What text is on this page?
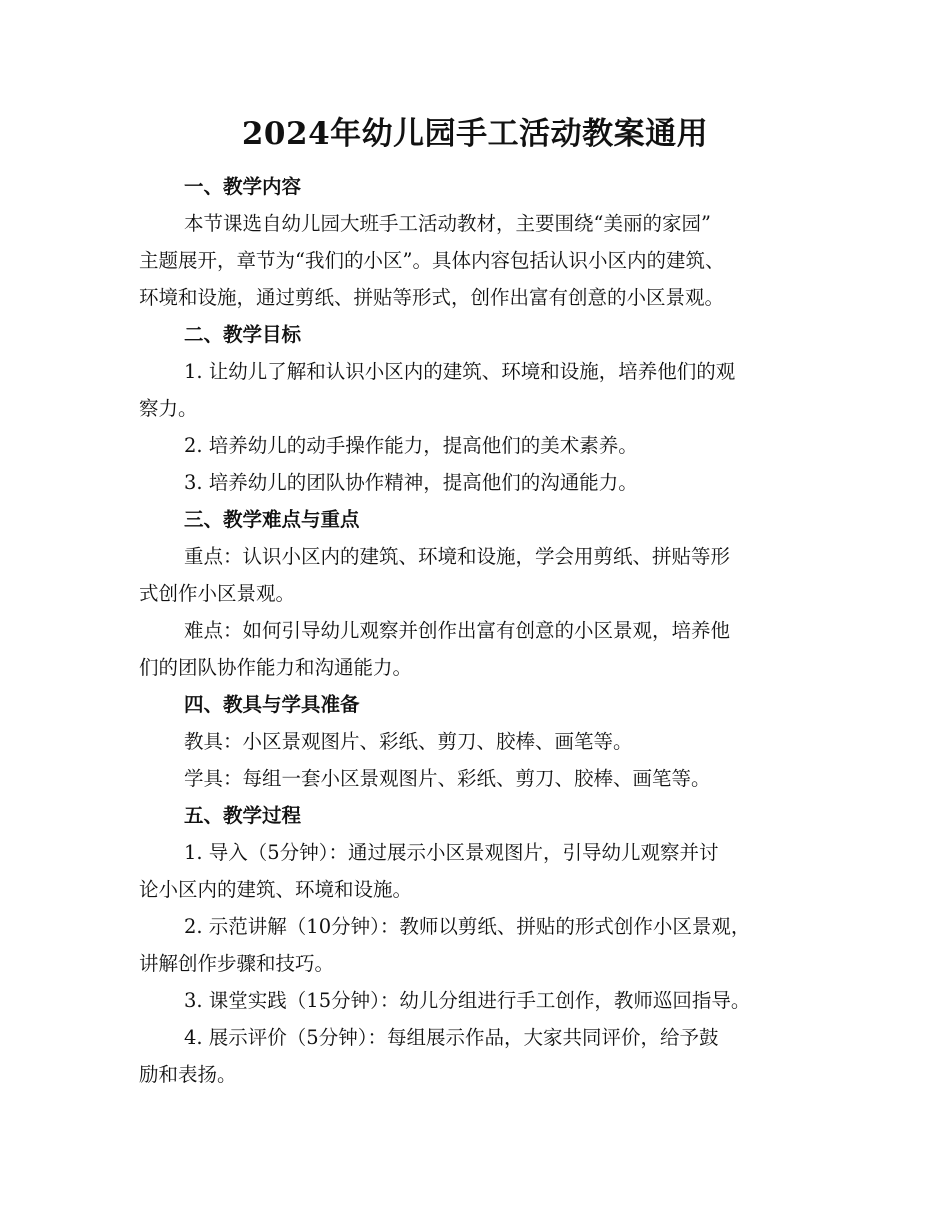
2024年幼儿园手工活动教案通用

一、教学内容

本节课选自幼儿园大班手工活动教材，主要围绕“美丽的家园”

主题展开，章节为“我们的小区”。具体内容包括认识小区内的建筑、

环境和设施，通过剪纸、拼贴等形式，创作出富有创意的小区景观。

二、教学目标

1. 让幼儿了解和认识小区内的建筑、环境和设施，培养他们的观

察力。

2. 培养幼儿的动手操作能力，提高他们的美术素养。

3. 培养幼儿的团队协作精神，提高他们的沟通能力。

三、教学难点与重点

重点：认识小区内的建筑、环境和设施，学会用剪纸、拼贴等形

式创作小区景观。

难点：如何引导幼儿观察并创作出富有创意的小区景观，培养他

们的团队协作能力和沟通能力。

四、教具与学具准备

教具：小区景观图片、彩纸、剪刀、胶棒、画笔等。

学具：每组一套小区景观图片、彩纸、剪刀、胶棒、画笔等。

五、教学过程

1. 导入（5分钟）：通过展示小区景观图片，引导幼儿观察并讨

论小区内的建筑、环境和设施。

2. 示范讲解（10分钟）：教师以剪纸、拼贴的形式创作小区景观，

讲解创作步骤和技巧。

3. 课堂实践（15分钟）：幼儿分组进行手工创作，教师巡回指导。

4. 展示评价（5分钟）：每组展示作品，大家共同评价，给予鼓

励和表扬。
